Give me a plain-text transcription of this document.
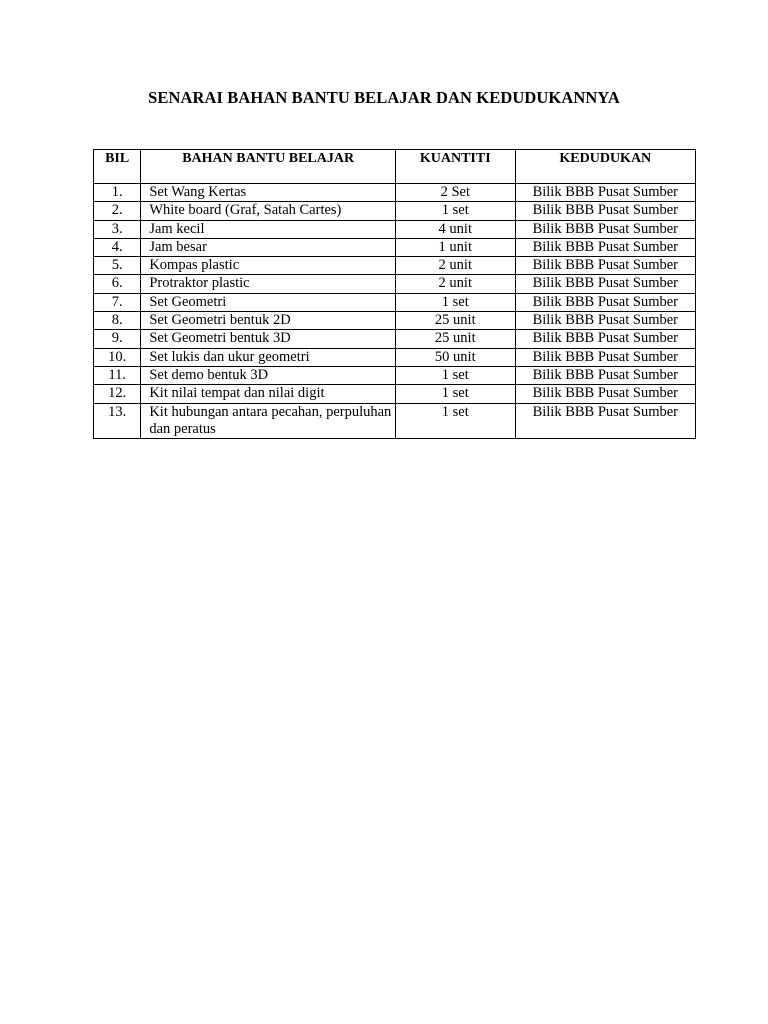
SENARAI BAHAN BANTU BELAJAR DAN KEDUDUKANNYA
BIL	BAHAN BANTU BELAJAR	KUANTITI	KEDUDUKAN
1.	Set Wang Kertas	2 Set	Bilik BBB Pusat Sumber
2.	White board (Graf, Satah Cartes)	1 set	Bilik BBB Pusat Sumber
3.	Jam kecil	4 unit	Bilik BBB Pusat Sumber
4.	Jam besar	1 unit	Bilik BBB Pusat Sumber
5.	Kompas plastic	2 unit	Bilik BBB Pusat Sumber
6.	Protraktor plastic	2 unit	Bilik BBB Pusat Sumber
7.	Set Geometri	1 set	Bilik BBB Pusat Sumber
8.	Set Geometri bentuk 2D	25 unit	Bilik BBB Pusat Sumber
9.	Set Geometri bentuk 3D	25 unit	Bilik BBB Pusat Sumber
10.	Set lukis dan ukur geometri	50 unit	Bilik BBB Pusat Sumber
11.	Set demo bentuk 3D	1 set	Bilik BBB Pusat Sumber
12.	Kit nilai tempat dan nilai digit	1 set	Bilik BBB Pusat Sumber
13.	Kit hubungan antara pecahan, perpuluhan dan peratus	1 set	Bilik BBB Pusat Sumber
